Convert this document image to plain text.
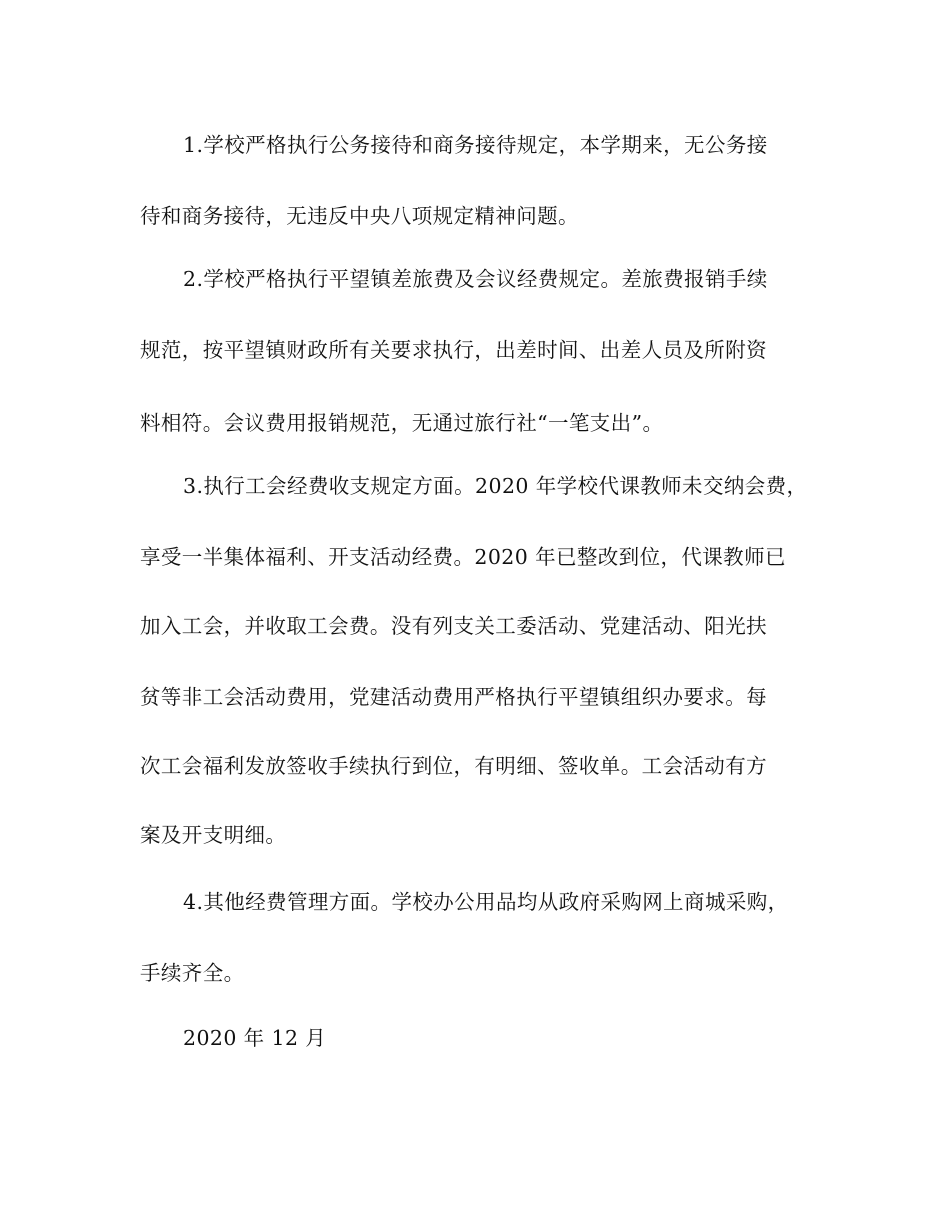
1.学校严格执行公务接待和商务接待规定，本学期来，无公务接
待和商务接待，无违反中央八项规定精神问题。
2.学校严格执行平望镇差旅费及会议经费规定。差旅费报销手续
规范，按平望镇财政所有关要求执行，出差时间、出差人员及所附资
料相符。会议费用报销规范，无通过旅行社“一笔支出”。
3.执行工会经费收支规定方面。2020 年学校代课教师未交纳会费，
享受一半集体福利、开支活动经费。2020 年已整改到位，代课教师已
加入工会，并收取工会费。没有列支关工委活动、党建活动、阳光扶
贫等非工会活动费用，党建活动费用严格执行平望镇组织办要求。每
次工会福利发放签收手续执行到位，有明细、签收单。工会活动有方
案及开支明细。
4.其他经费管理方面。学校办公用品均从政府采购网上商城采购，
手续齐全。
2020 年 12 月
